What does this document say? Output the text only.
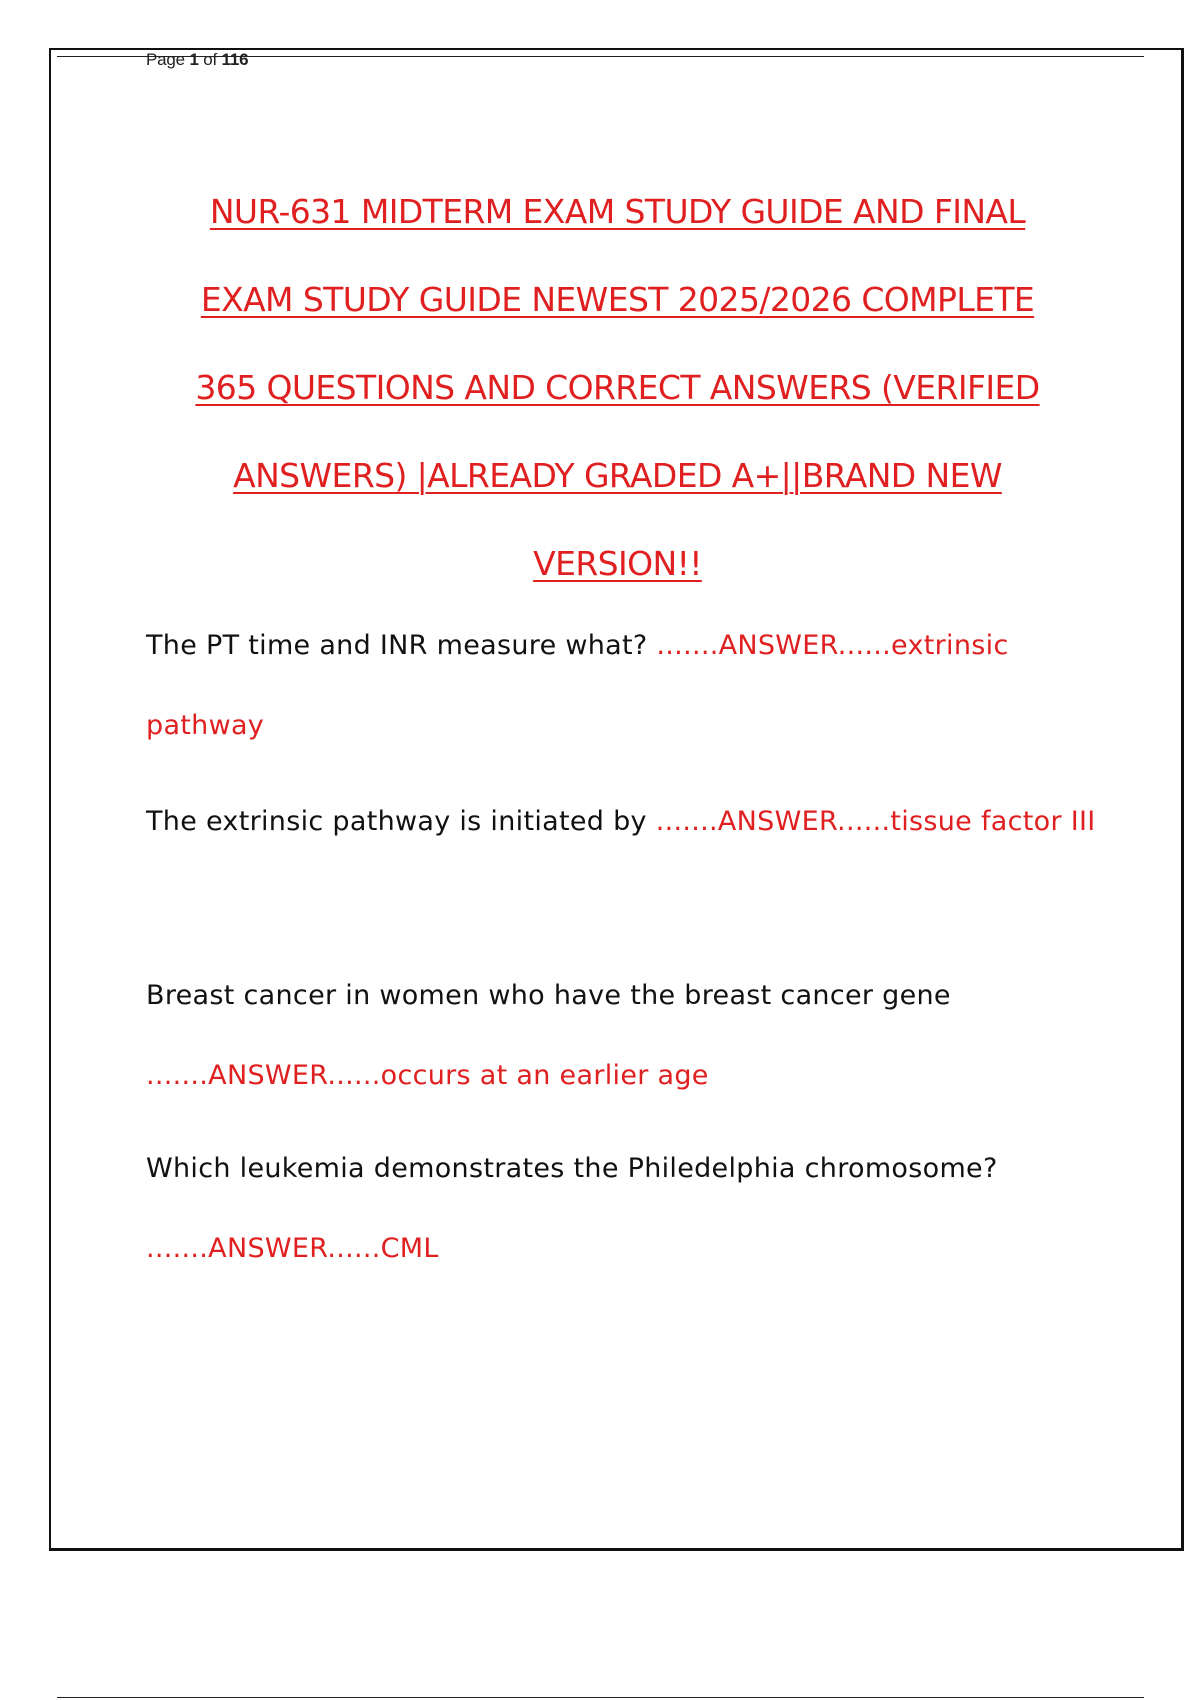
Page 1 of 116
NUR-631 MIDTERM EXAM STUDY GUIDE AND FINAL
EXAM STUDY GUIDE NEWEST 2025/2026 COMPLETE
365 QUESTIONS AND CORRECT ANSWERS (VERIFIED
ANSWERS) |ALREADY GRADED A+||BRAND NEW
VERSION!!

The PT time and INR measure what? .......ANSWER......extrinsic pathway

The extrinsic pathway is initiated by .......ANSWER......tissue factor III

Breast cancer in women who have the breast cancer gene .......ANSWER......occurs at an earlier age

Which leukemia demonstrates the Philedelphia chromosome? .......ANSWER......CML
